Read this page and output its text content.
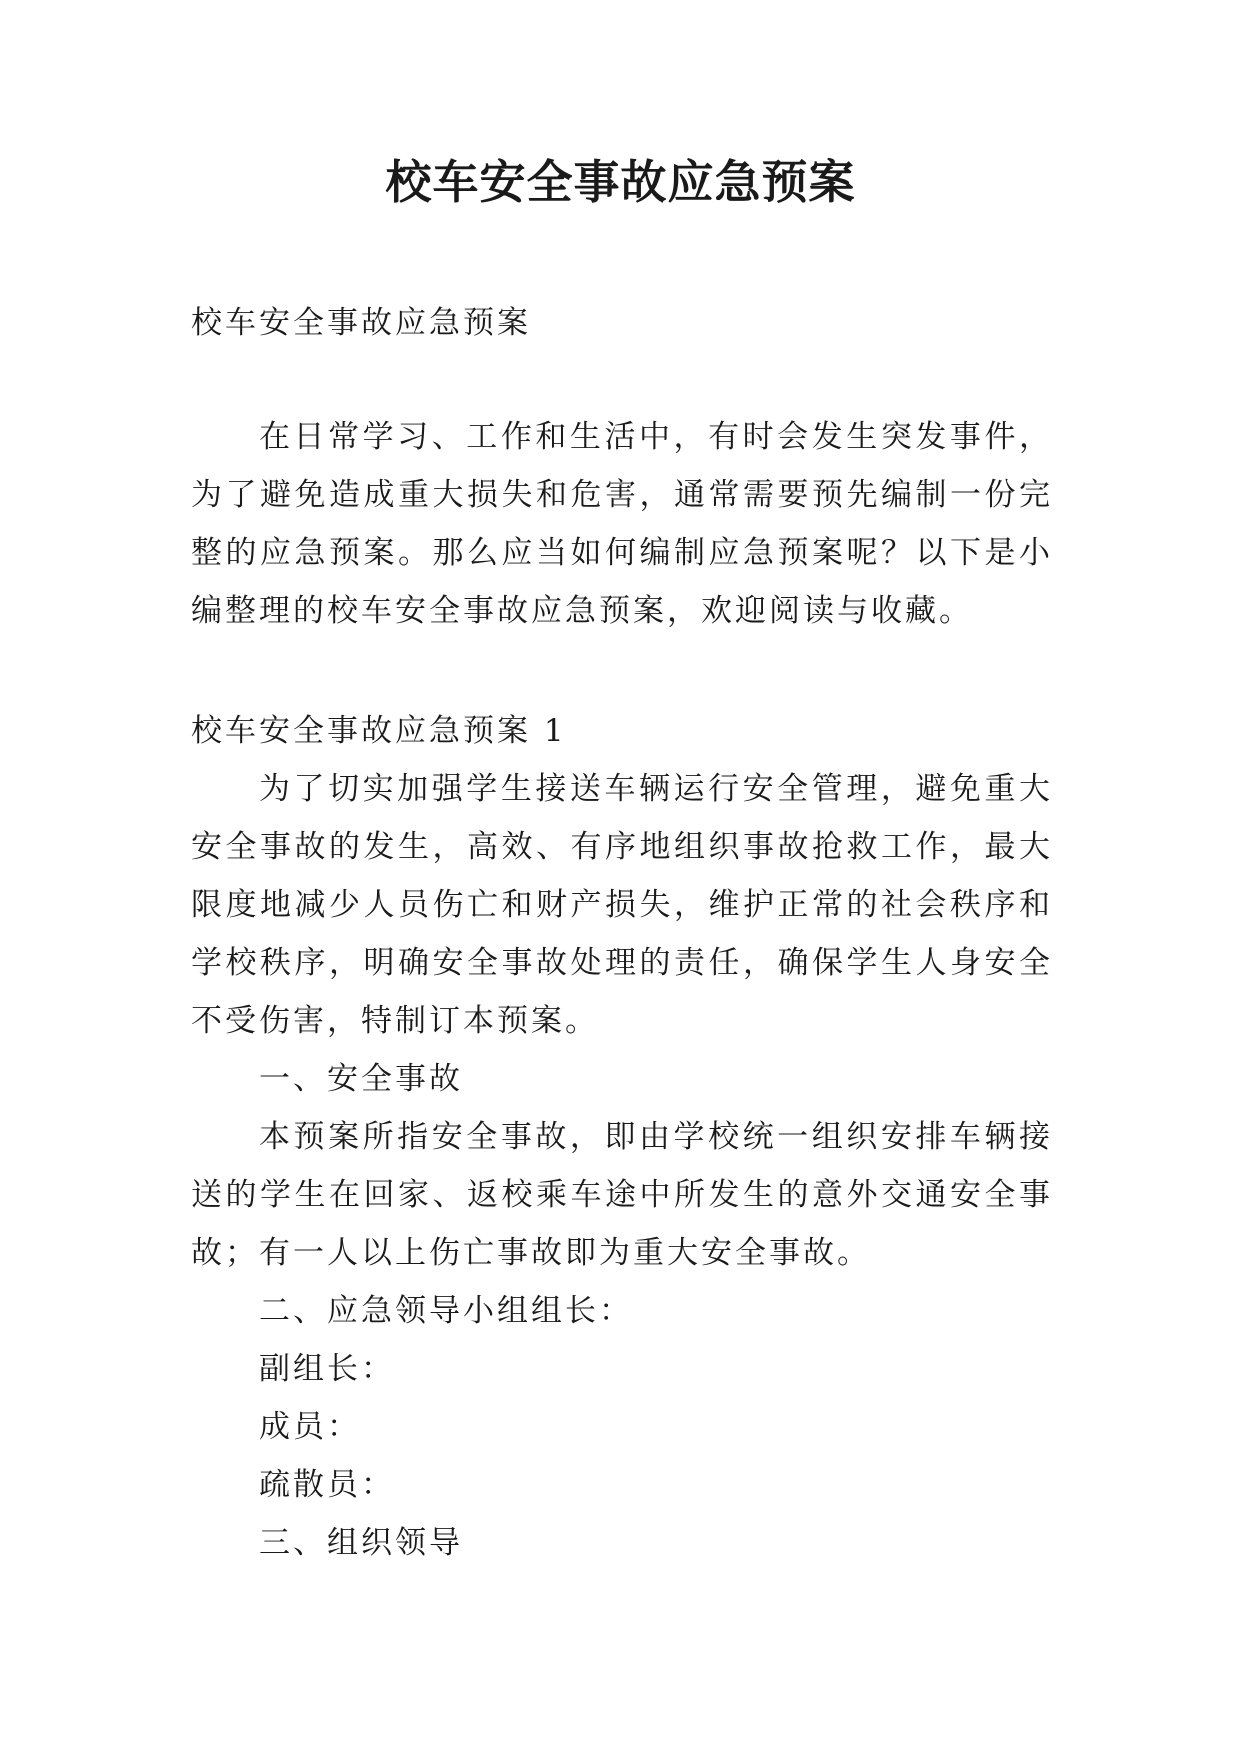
校车安全事故应急预案

校车安全事故应急预案

在日常学习、工作和生活中，有时会发生突发事件，为了避免造成重大损失和危害，通常需要预先编制一份完整的应急预案。那么应当如何编制应急预案呢？以下是小编整理的校车安全事故应急预案，欢迎阅读与收藏。

校车安全事故应急预案 1

为了切实加强学生接送车辆运行安全管理，避免重大安全事故的发生，高效、有序地组织事故抢救工作，最大限度地减少人员伤亡和财产损失，维护正常的社会秩序和学校秩序，明确安全事故处理的责任，确保学生人身安全不受伤害，特制订本预案。

一、安全事故

本预案所指安全事故，即由学校统一组织安排车辆接送的学生在回家、返校乘车途中所发生的意外交通安全事故；有一人以上伤亡事故即为重大安全事故。

二、应急领导小组组长：

副组长：

成员：

疏散员：

三、组织领导
